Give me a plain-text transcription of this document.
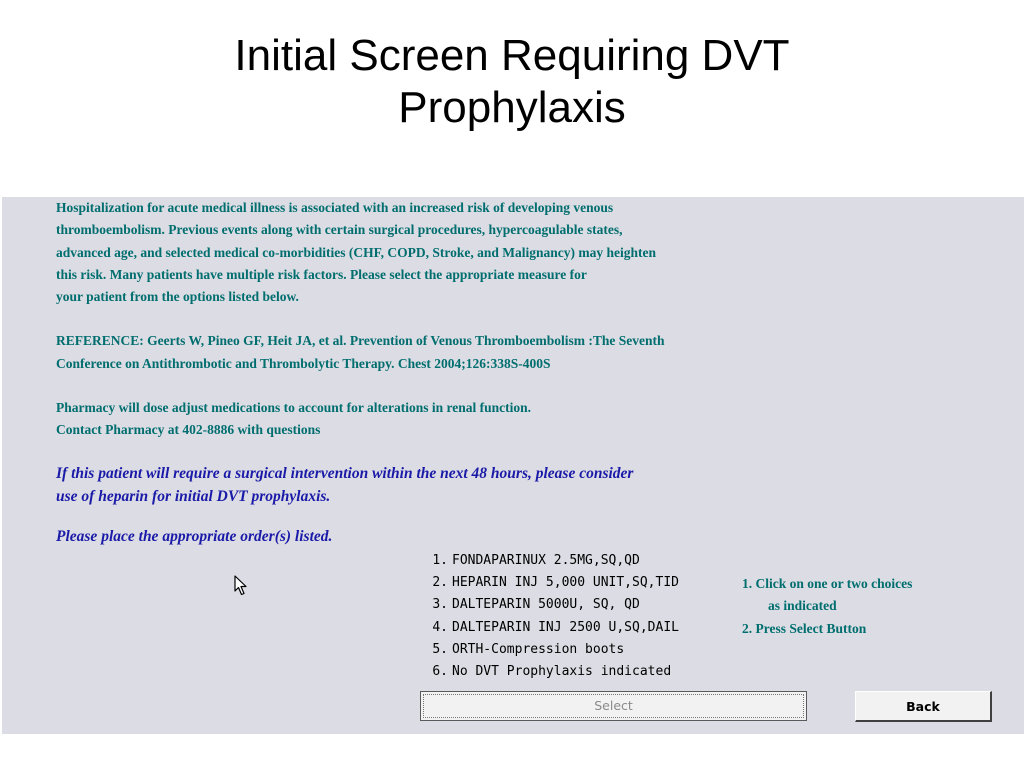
Initial Screen Requiring DVT
Prophylaxis
Hospitalization for acute medical illness is associated with an increased risk of developing venous
thromboembolism. Previous events along with certain surgical procedures, hypercoagulable states,
advanced age, and selected medical co-morbidities (CHF, COPD, Stroke, and Malignancy) may heighten
this risk. Many patients have multiple risk factors. Please select the appropriate measure for
your patient from the options listed below.
REFERENCE: Geerts W, Pineo GF, Heit JA, et al. Prevention of Venous Thromboembolism :The Seventh
Conference on Antithrombotic and Thrombolytic Therapy. Chest 2004;126:338S-400S
Pharmacy will dose adjust medications to account for alterations in renal function.
Contact Pharmacy at 402-8886 with questions
If this patient will require a surgical intervention within the next 48 hours, please consider
use of heparin for initial DVT prophylaxis.
Please place the appropriate order(s) listed.
1. FONDAPARINUX 2.5MG,SQ,QD
2. HEPARIN INJ 5,000 UNIT,SQ,TID
3. DALTEPARIN 5000U, SQ, QD
4. DALTEPARIN INJ 2500 U,SQ,DAIL
5. ORTH-Compression boots
6. No DVT Prophylaxis indicated
1. Click on one or two choices
as indicated
2. Press Select Button
Select	Back
